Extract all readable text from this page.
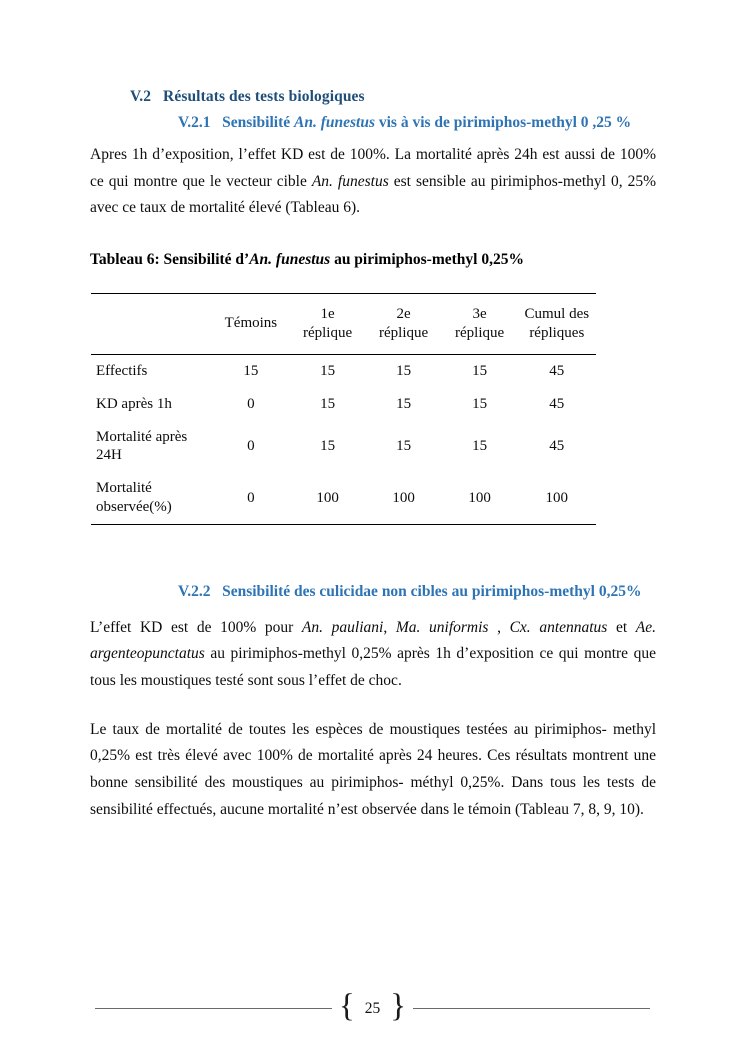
V.2   Résultats des tests biologiques
V.2.1   Sensibilité An. funestus vis à vis de pirimiphos-methyl 0 ,25 %

Apres 1h d’exposition, l’effet KD est de 100%. La mortalité après 24h est aussi de 100% ce qui montre que le vecteur cible An. funestus est sensible au pirimiphos-methyl 0, 25% avec ce taux de mortalité élevé (Tableau 6).

Tableau 6: Sensibilité d’An. funestus au pirimiphos-methyl 0,25%

	Témoins	1e réplique	2e réplique	3e réplique	Cumul des répliques
Effectifs	15	15	15	15	45
KD après 1h	0	15	15	15	45
Mortalité après 24H	0	15	15	15	45
Mortalité observée(%)	0	100	100	100	100
V.2.2   Sensibilité des culicidae non cibles au pirimiphos-methyl 0,25%

L’effet KD est de 100% pour An. pauliani, Ma. uniformis , Cx. antennatus et Ae. argenteopunctatus au pirimiphos-methyl 0,25% après 1h d’exposition ce qui montre que tous les moustiques testé sont sous l’effet de choc.

Le taux de mortalité de toutes les espèces de moustiques testées au pirimiphos- methyl 0,25% est très élevé avec 100% de mortalité après 24 heures. Ces résultats montrent une bonne sensibilité des moustiques au pirimiphos- méthyl 0,25%. Dans tous les tests de sensibilité effectués, aucune mortalité n’est observée dans le témoin (Tableau 7, 8, 9, 10).

{ 25 }
